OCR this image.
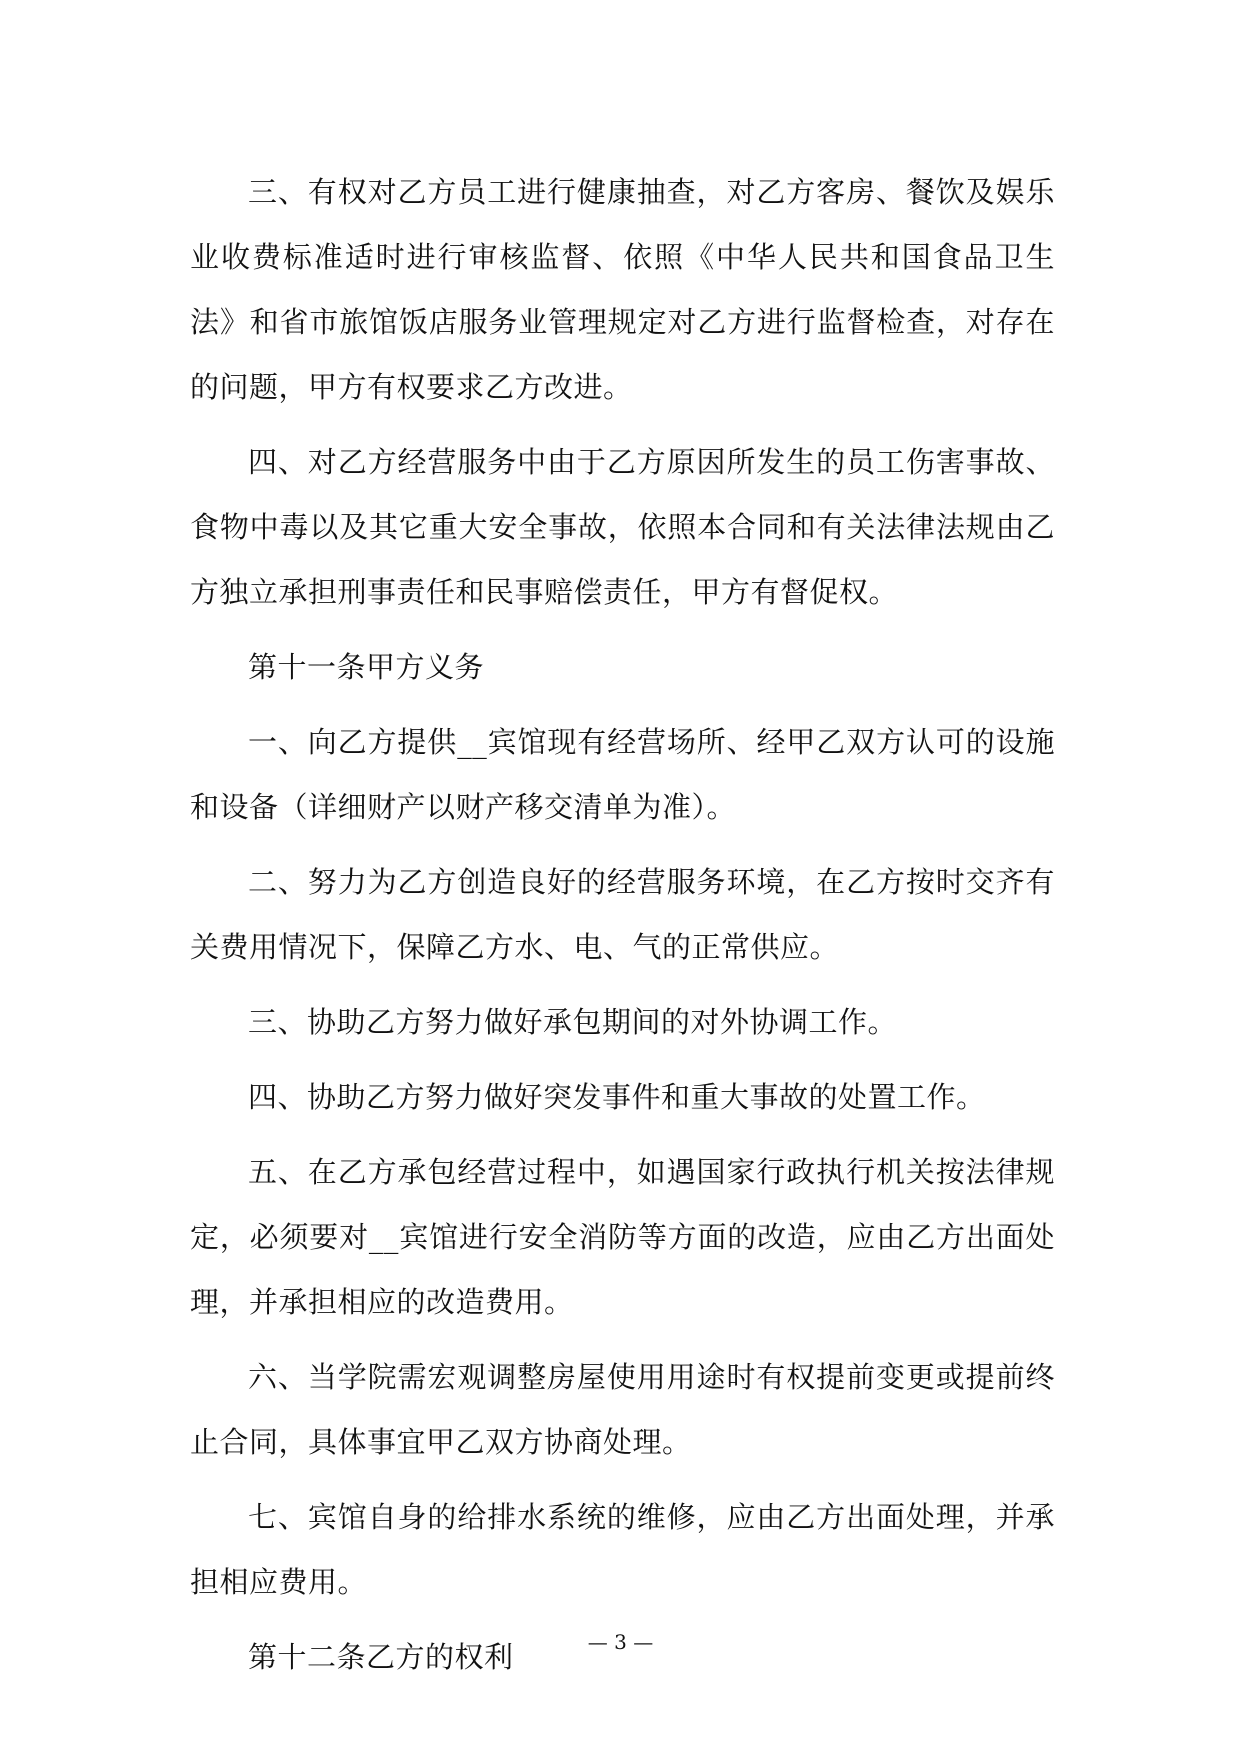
三、有权对乙方员工进行健康抽查，对乙方客房、餐饮及娱乐业收费标准适时进行审核监督、依照《中华人民共和国食品卫生法》和省市旅馆饭店服务业管理规定对乙方进行监督检查，对存在的问题，甲方有权要求乙方改进。

四、对乙方经营服务中由于乙方原因所发生的员工伤害事故、食物中毒以及其它重大安全事故，依照本合同和有关法律法规由乙方独立承担刑事责任和民事赔偿责任，甲方有督促权。

第十一条甲方义务

一、向乙方提供__宾馆现有经营场所、经甲乙双方认可的设施和设备（详细财产以财产移交清单为准）。

二、努力为乙方创造良好的经营服务环境，在乙方按时交齐有关费用情况下，保障乙方水、电、气的正常供应。

三、协助乙方努力做好承包期间的对外协调工作。

四、协助乙方努力做好突发事件和重大事故的处置工作。

五、在乙方承包经营过程中，如遇国家行政执行机关按法律规定，必须要对__宾馆进行安全消防等方面的改造，应由乙方出面处理，并承担相应的改造费用。

六、当学院需宏观调整房屋使用用途时有权提前变更或提前终止合同，具体事宜甲乙双方协商处理。

七、宾馆自身的给排水系统的维修，应由乙方出面处理，并承担相应费用。

第十二条乙方的权利	— 3 —
